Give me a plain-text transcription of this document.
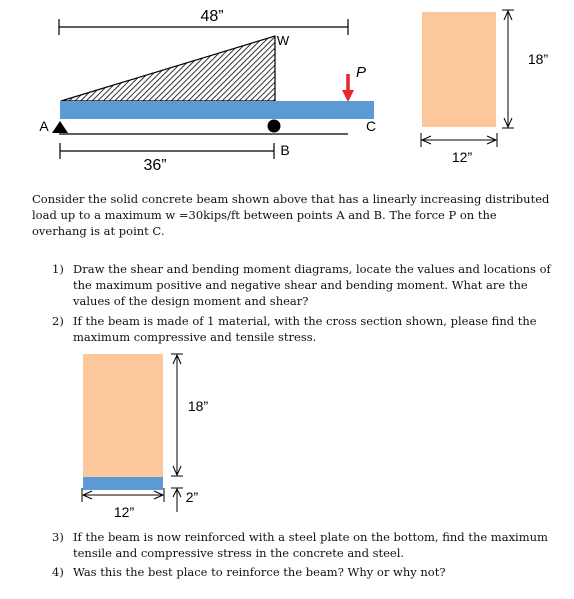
48”
W
P
A	C
B
36”
18”
12”
18”
2”
12”
Consider the solid concrete beam shown above that has a linearly increasing distributed load up to a maximum w =30kips/ft between points A and B. The force P on the overhang is at point C.
1) Draw the shear and bending moment diagrams, locate the values and locations of the maximum positive and negative shear and bending moment. What are the values of the design moment and shear?
2) If the beam is made of 1 material, with the cross section shown, please find the maximum compressive and tensile stress.
3) If the beam is now reinforced with a steel plate on the bottom, find the maximum tensile and compressive stress in the concrete and steel.
4) Was this the best place to reinforce the beam? Why or why not?
